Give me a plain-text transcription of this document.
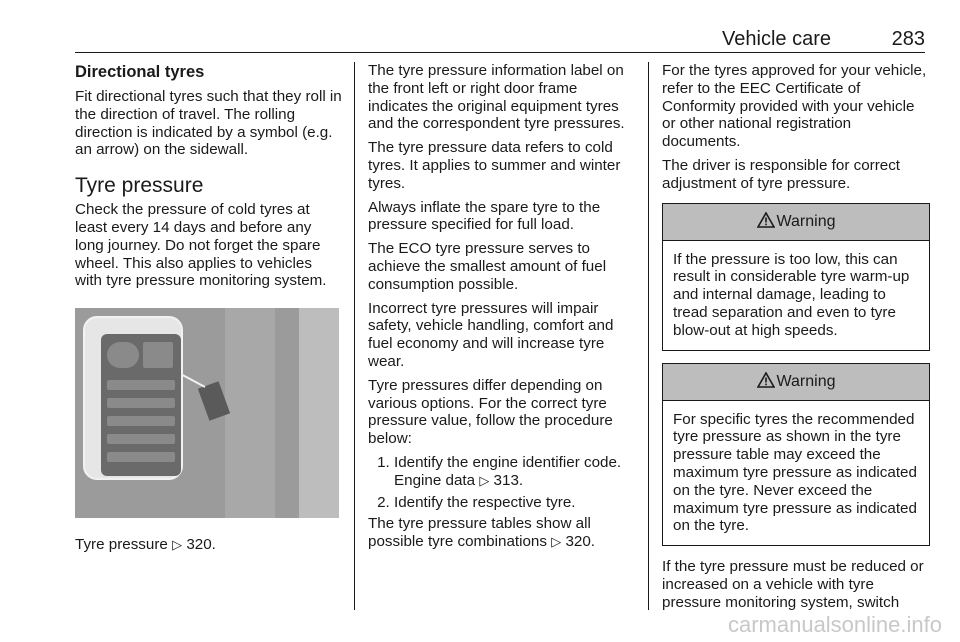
Vehicle care	283
Directional tyres

Fit directional tyres such that they roll in the direction of travel. The rolling direction is indicated by a symbol (e.g. an arrow) on the sidewall.

Tyre pressure

Check the pressure of cold tyres at least every 14 days and before any long journey. Do not forget the spare wheel. This also applies to vehicles with tyre pressure monitoring system.

Tyre pressure ▷ 320.

The tyre pressure information label on the front left or right door frame indicates the original equipment tyres and the correspondent tyre pressures.

The tyre pressure data refers to cold tyres. It applies to summer and winter tyres.

Always inflate the spare tyre to the pressure specified for full load.

The ECO tyre pressure serves to achieve the smallest amount of fuel consumption possible.

Incorrect tyre pressures will impair safety, vehicle handling, comfort and fuel economy and will increase tyre wear.

Tyre pressures differ depending on various options. For the correct tyre pressure value, follow the procedure below:

1. Identify the engine identifier code. Engine data ▷ 313.
2. Identify the respective tyre.

The tyre pressure tables show all possible tyre combinations ▷ 320.

For the tyres approved for your vehicle, refer to the EEC Certificate of Conformity provided with your vehicle or other national registration documents.

The driver is responsible for correct adjustment of tyre pressure.

Warning
If the pressure is too low, this can result in considerable tyre warm-up and internal damage, leading to tread separation and even to tyre blow-out at high speeds.
Warning
For specific tyres the recommended tyre pressure as shown in the tyre pressure table may exceed the maximum tyre pressure as indicated on the tyre. Never exceed the maximum tyre pressure as indicated on the tyre.

If the tyre pressure must be reduced or increased on a vehicle with tyre pressure monitoring system, switch

carmanualsonline.info
